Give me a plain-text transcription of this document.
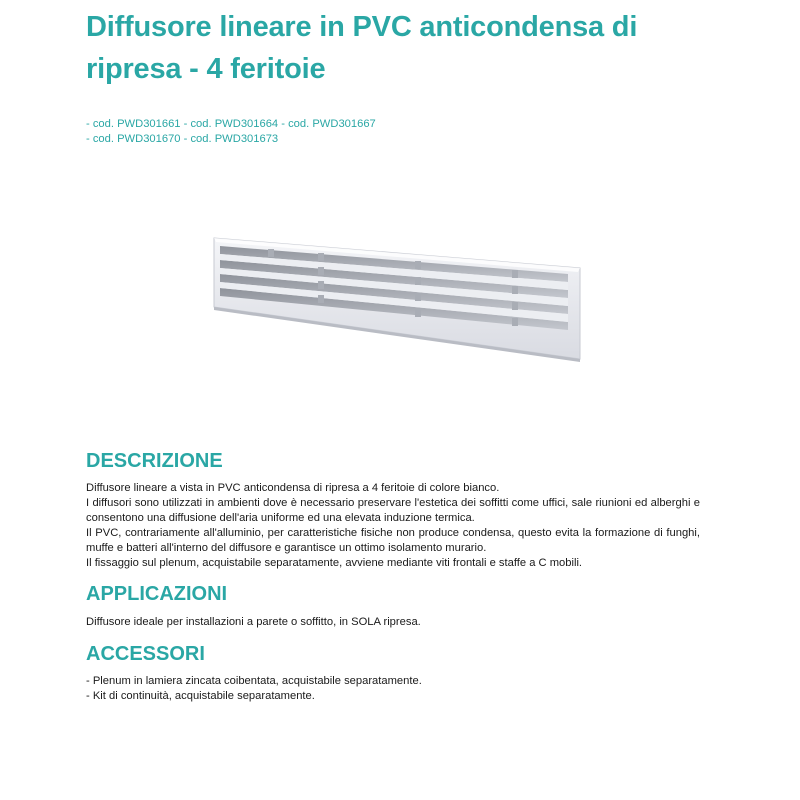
Diffusore lineare in PVC anticondensa di ripresa - 4 feritoie
- cod. PWD301661 - cod. PWD301664 - cod. PWD301667
- cod. PWD301670 - cod. PWD301673
DESCRIZIONE

Diffusore lineare a vista in PVC anticondensa di ripresa a 4 feritoie di colore bianco.

I diffusori sono utilizzati in ambienti dove è necessario preservare l'estetica dei soffitti come uffici, sale riunioni ed alberghi e consentono una diffusione dell'aria uniforme ed una elevata induzione termica.

Il PVC, contrariamente all'alluminio, per caratteristiche fisiche non produce condensa, questo evita la formazione di funghi, muffe e batteri all'interno del diffusore e garantisce un ottimo isolamento murario.

Il fissaggio sul plenum, acquistabile separatamente, avviene mediante viti frontali e staffe a C mobili.

APPLICAZIONI

Diffusore ideale per installazioni a parete o soffitto, in SOLA ripresa.

ACCESSORI

- Plenum in lamiera zincata coibentata, acquistabile separatamente.

- Kit di continuità, acquistabile separatamente.
